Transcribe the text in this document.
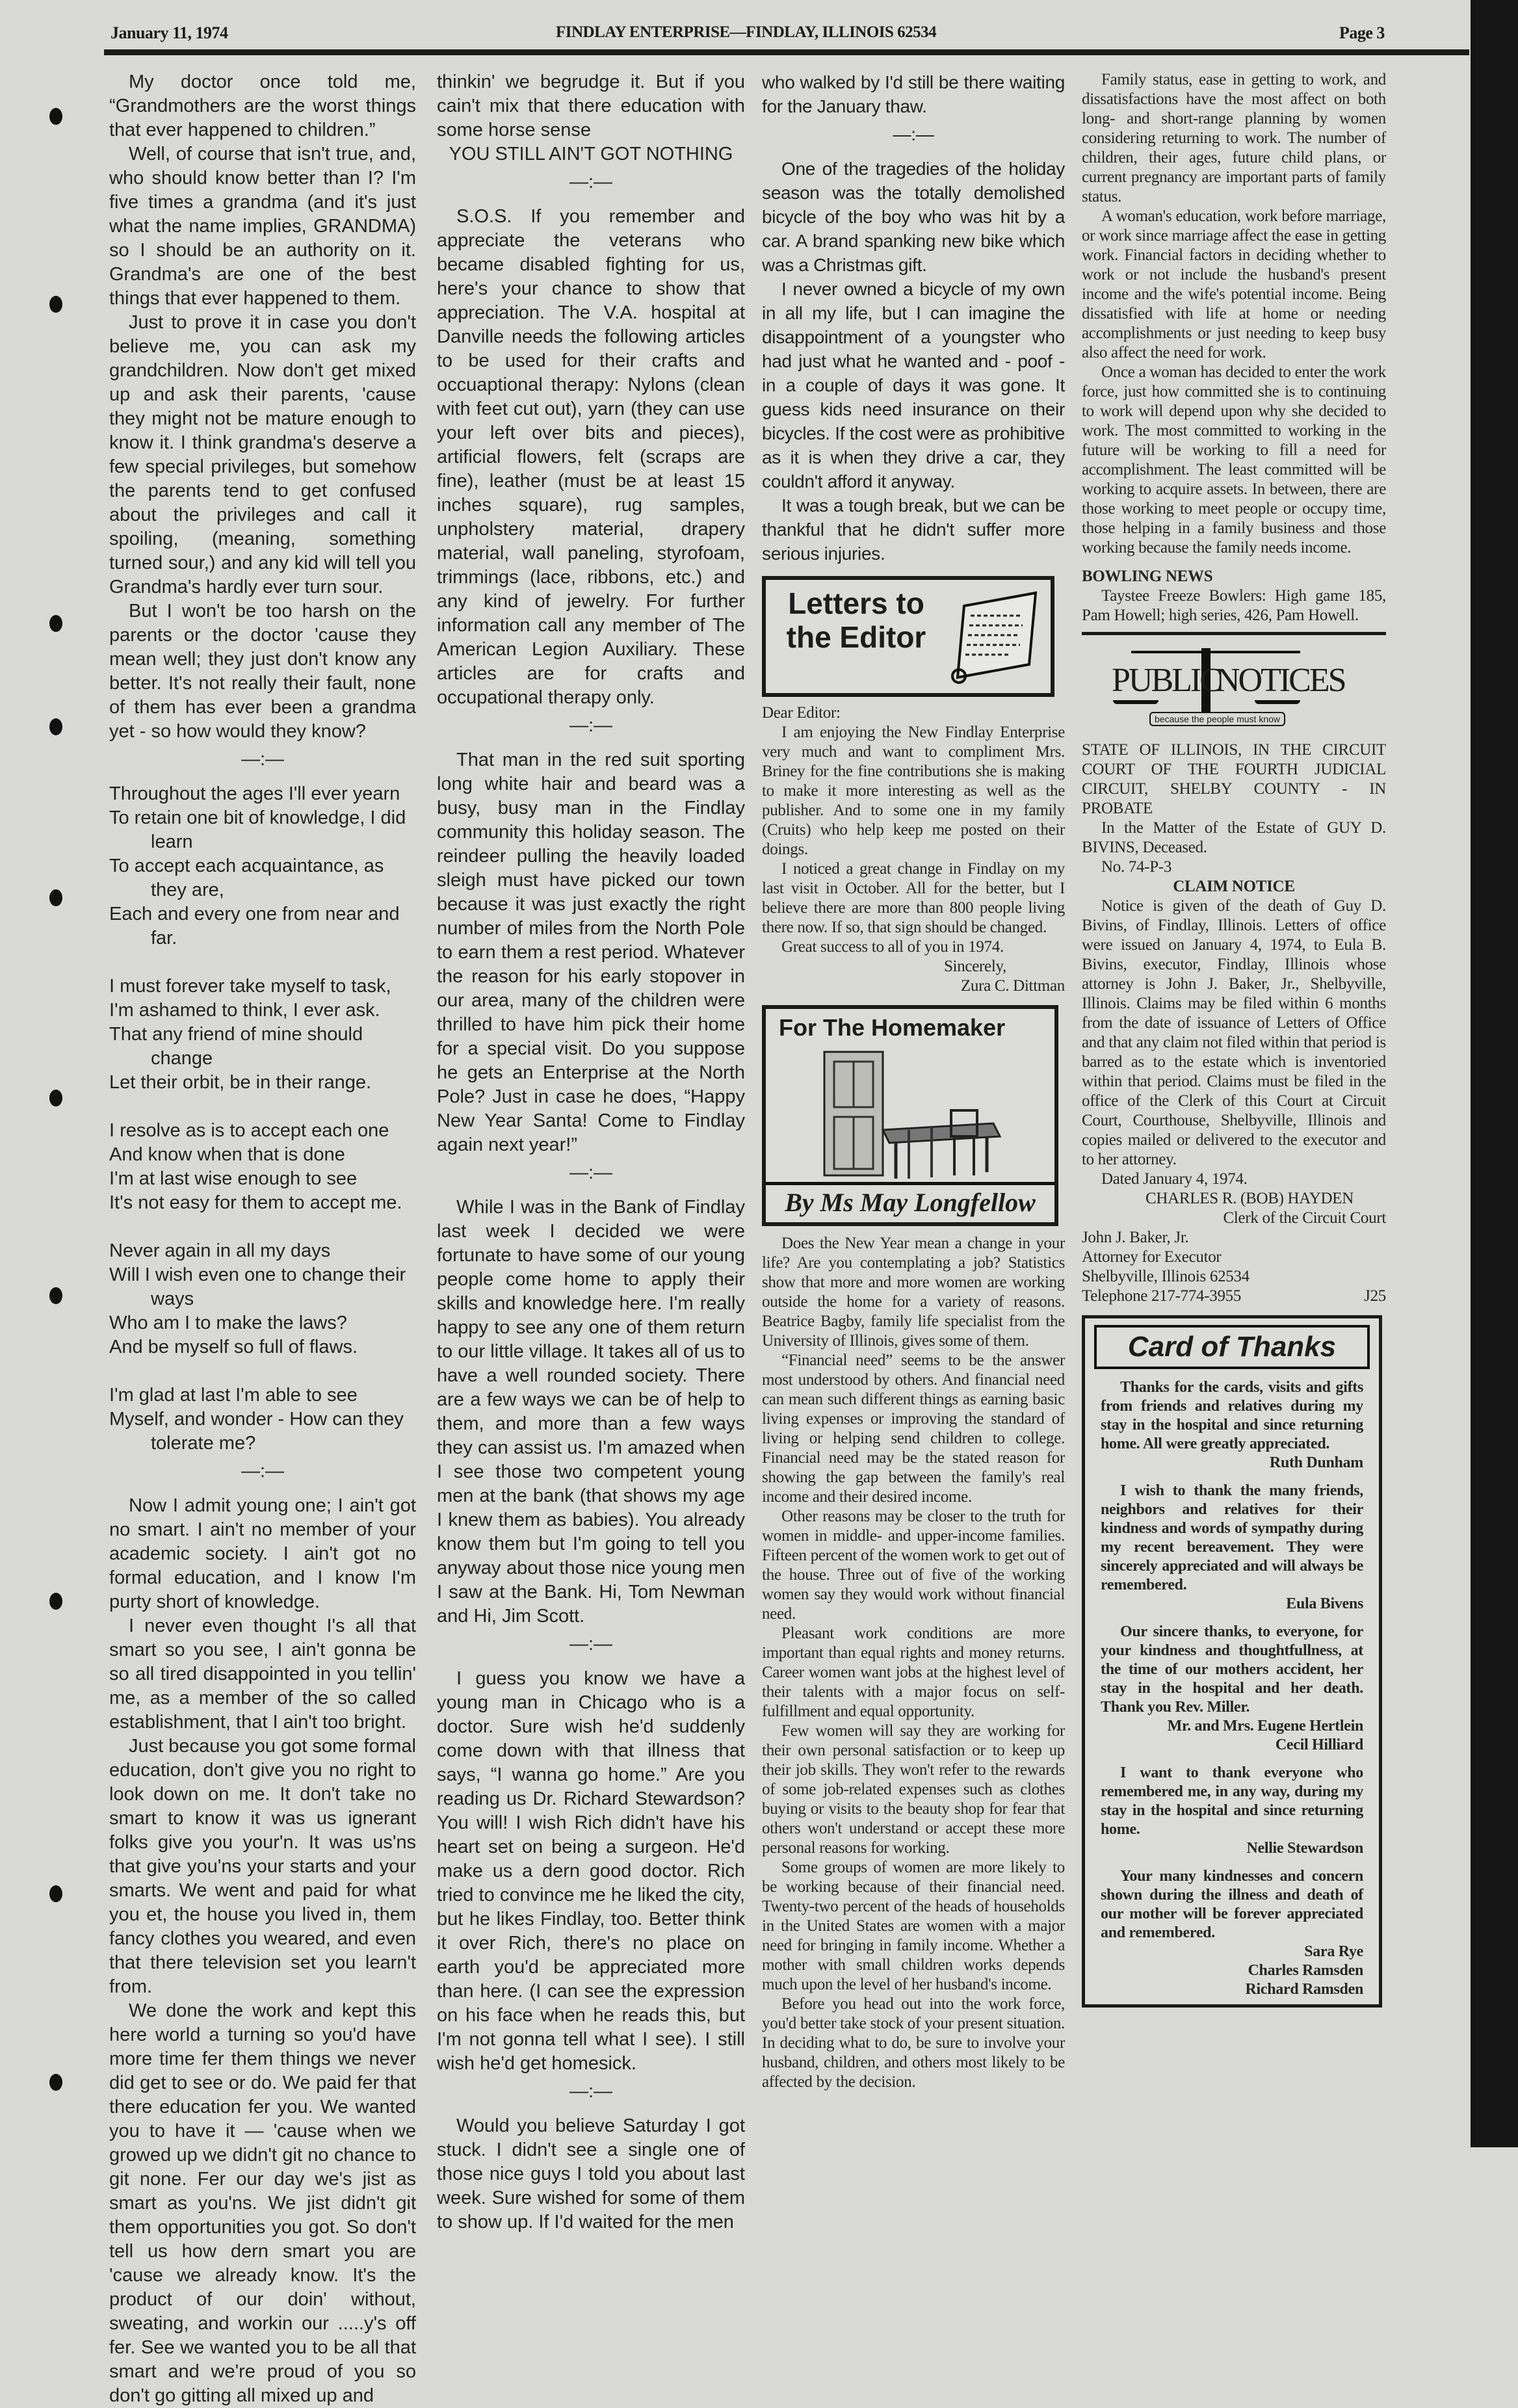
January 11, 1974	FINDLAY ENTERPRISE—FINDLAY, ILLINOIS 62534	Page 3

My doctor once told me, “Grandmothers are the worst things that ever happened to children.”

Well, of course that isn't true, and, who should know better than I? I'm five times a grandma (and it's just what the name implies, GRANDMA) so I should be an authority on it. Grandma's are one of the best things that ever happened to them.

Just to prove it in case you don't believe me, you can ask my grandchildren. Now don't get mixed up and ask their parents, 'cause they might not be mature enough to know it. I think grandma's deserve a few special privileges, but somehow the parents tend to get confused about the privileges and call it spoiling, (meaning, something turned sour,) and any kid will tell you Grandma's hardly ever turn sour.

But I won't be too harsh on the parents or the doctor 'cause they mean well; they just don't know any better. It's not really their fault, none of them has ever been a grandma yet - so how would they know?

—:—
Throughout the ages I'll ever yearn
To retain one bit of knowledge, I did learn
To accept each acquaintance, as they are,
Each and every one from near and far.
I must forever take myself to task,
I'm ashamed to think, I ever ask.
That any friend of mine should change
Let their orbit, be in their range.
I resolve as is to accept each one
And know when that is done
I'm at last wise enough to see
It's not easy for them to accept me.
Never again in all my days
Will I wish even one to change their ways
Who am I to make the laws?
And be myself so full of flaws.
I'm glad at last I'm able to see
Myself, and wonder - How can they tolerate me?
—:—

Now I admit young one; I ain't got no smart. I ain't no member of your academic society. I ain't got no formal education, and I know I'm purty short of knowledge.

I never even thought I's all that smart so you see, I ain't gonna be so all tired disappointed in you tellin' me, as a member of the so called establishment, that I ain't too bright.

Just because you got some formal education, don't give you no right to look down on me. It don't take no smart to know it was us ignerant folks give you your'n. It was us'ns that give you'ns your starts and your smarts. We went and paid for what you et, the house you lived in, them fancy clothes you weared, and even that there television set you learn't from.

We done the work and kept this here world a turning so you'd have more time fer them things we never did get to see or do. We paid fer that there education fer you. We wanted you to have it — 'cause when we growed up we didn't git no chance to git none. Fer our day we's jist as smart as you'ns. We jist didn't git them opportunities you got. So don't tell us how dern smart you are 'cause we already know. It's the product of our doin' without, sweating, and workin our .....y's off fer. See we wanted you to be all that smart and we're proud of you so don't go gitting all mixed up and

thinkin' we begrudge it. But if you cain't mix that there education with some horse sense

YOU STILL AIN'T GOT NOTHING
—:—

S.O.S. If you remember and appreciate the veterans who became disabled fighting for us, here's your chance to show that appreciation. The V.A. hospital at Danville needs the following articles to be used for their crafts and occuaptional therapy: Nylons (clean with feet cut out), yarn (they can use your left over bits and pieces), artificial flowers, felt (scraps are fine), leather (must be at least 15 inches square), rug samples, unpholstery material, drapery material, wall paneling, styrofoam, trimmings (lace, ribbons, etc.) and any kind of jewelry. For further information call any member of The American Legion Auxiliary. These articles are for crafts and occupational therapy only.

—:—

That man in the red suit sporting long white hair and beard was a busy, busy man in the Findlay community this holiday season. The reindeer pulling the heavily loaded sleigh must have picked our town because it was just exactly the right number of miles from the North Pole to earn them a rest period. Whatever the reason for his early stopover in our area, many of the children were thrilled to have him pick their home for a special visit. Do you suppose he gets an Enterprise at the North Pole? Just in case he does, “Happy New Year Santa! Come to Findlay again next year!”

—:—

While I was in the Bank of Findlay last week I decided we were fortunate to have some of our young people come home to apply their skills and knowledge here. I'm really happy to see any one of them return to our little village. It takes all of us to have a well rounded society. There are a few ways we can be of help to them, and more than a few ways they can assist us. I'm amazed when I see those two competent young men at the bank (that shows my age I knew them as babies). You already know them but I'm going to tell you anyway about those nice young men I saw at the Bank. Hi, Tom Newman and Hi, Jim Scott.

—:—

I guess you know we have a young man in Chicago who is a doctor. Sure wish he'd suddenly come down with that illness that says, “I wanna go home.” Are you reading us Dr. Richard Stewardson? You will! I wish Rich didn't have his heart set on being a surgeon. He'd make us a dern good doctor. Rich tried to convince me he liked the city, but he likes Findlay, too. Better think it over Rich, there's no place on earth you'd be appreciated more than here. (I can see the expression on his face when he reads this, but I'm not gonna tell what I see). I still wish he'd get homesick.

—:—

Would you believe Saturday I got stuck. I didn't see a single one of those nice guys I told you about last week. Sure wished for some of them to show up. If I'd waited for the men

who walked by I'd still be there waiting for the January thaw.

—:—

One of the tragedies of the holiday season was the totally demolished bicycle of the boy who was hit by a car. A brand spanking new bike which was a Christmas gift.

I never owned a bicycle of my own in all my life, but I can imagine the disappointment of a youngster who had just what he wanted and - poof - in a couple of days it was gone. It guess kids need insurance on their bicycles. If the cost were as prohibitive as it is when they drive a car, they couldn't afford it anyway.

It was a tough break, but we can be thankful that he didn't suffer more serious injuries.

Letters to the Editor
Dear Editor:

I am enjoying the New Findlay Enterprise very much and want to compliment Mrs. Briney for the fine contributions she is making to make it more interesting as well as the publisher. And to some one in my family (Cruits) who help keep me posted on their doings.

I noticed a great change in Findlay on my last visit in October. All for the better, but I believe there are more than 800 people living there now. If so, that sign should be changed.

Great success to all of you in 1974.

Sincerely,
Zura C. Dittman
For The Homemaker
By Ms May Longfellow

Does the New Year mean a change in your life? Are you contemplating a job? Statistics show that more and more women are working outside the home for a variety of reasons. Beatrice Bagby, family life specialist from the University of Illinois, gives some of them.

“Financial need” seems to be the answer most understood by others. And financial need can mean such different things as earning basic living expenses or improving the standard of living or helping send children to college. Financial need may be the stated reason for showing the gap between the family's real income and their desired income.

Other reasons may be closer to the truth for women in middle- and upper-income families. Fifteen percent of the women work to get out of the house. Three out of five of the working women say they would work without financial need.

Pleasant work conditions are more important than equal rights and money returns. Career women want jobs at the highest level of their talents with a major focus on self-fulfillment and equal opportunity.

Few women will say they are working for their own personal satisfaction or to keep up their job skills. They won't refer to the rewards of some job-related expenses such as clothes buying or visits to the beauty shop for fear that others won't understand or accept these more personal reasons for working.

Some groups of women are more likely to be working because of their financial need. Twenty-two percent of the heads of households in the United States are women with a major need for bringing in family income. Whether a mother with small children works depends much upon the level of her husband's income.

Before you head out into the work force, you'd better take stock of your present situation. In deciding what to do, be sure to involve your husband, children, and others most likely to be affected by the decision.

Family status, ease in getting to work, and dissatisfactions have the most affect on both long- and short-range planning by women considering returning to work. The number of children, their ages, future child plans, or current pregnancy are important parts of family status.

A woman's education, work before marriage, or work since marriage affect the ease in getting work. Financial factors in deciding whether to work or not include the husband's present income and the wife's potential income. Being dissatisfied with life at home or needing accomplishments or just needing to keep busy also affect the need for work.

Once a woman has decided to enter the work force, just how committed she is to continuing to work will depend upon why she decided to work. The most committed to working in the future will be working to fill a need for accomplishment. The least committed will be working to acquire assets. In between, there are those working to meet people or occupy time, those helping in a family business and those working because the family needs income.

BOWLING NEWS

Taystee Freeze Bowlers: High game 185, Pam Howell; high series, 426, Pam Howell.

PUBLIC
NOTICES
because the people must know
STATE OF ILLINOIS, IN THE CIRCUIT COURT OF THE FOURTH JUDICIAL CIRCUIT, SHELBY COUNTY - IN PROBATE

In the Matter of the Estate of GUY D. BIVINS, Deceased.

No. 74-P-3

CLAIM NOTICE

Notice is given of the death of Guy D. Bivins, of Findlay, Illinois. Letters of office were issued on January 4, 1974, to Eula B. Bivins, executor, Findlay, Illinois whose attorney is John J. Baker, Jr., Shelbyville, Illinois. Claims may be filed within 6 months from the date of issuance of Letters of Office and that any claim not filed within that period is barred as to the estate which is inventoried within that period. Claims must be filed in the office of the Clerk of this Court at Circuit Court, Courthouse, Shelbyville, Illinois and copies mailed or delivered to the executor and to her attorney.

Dated January 4, 1974.

CHARLES R. (BOB) HAYDEN
Clerk of the Circuit Court
John J. Baker, Jr.
Attorney for Executor
Shelbyville, Illinois 62534
Telephone 217-774-3955	J25
Card of Thanks

Thanks for the cards, visits and gifts from friends and relatives during my stay in the hospital and since returning home. All were greatly appreciated.

Ruth Dunham

I wish to thank the many friends, neighbors and relatives for their kindness and words of sympathy during my recent bereavement. They were sincerely appreciated and will always be remembered.

Eula Bivens

Our sincere thanks, to everyone, for your kindness and thoughtfullness, at the time of our mothers accident, her stay in the hospital and her death. Thank you Rev. Miller.

Mr. and Mrs. Eugene Hertlein
Cecil Hilliard

I want to thank everyone who remembered me, in any way, during my stay in the hospital and since returning home.

Nellie Stewardson

Your many kindnesses and concern shown during the illness and death of our mother will be forever appreciated and remembered.

Sara Rye
Charles Ramsden
Richard Ramsden
